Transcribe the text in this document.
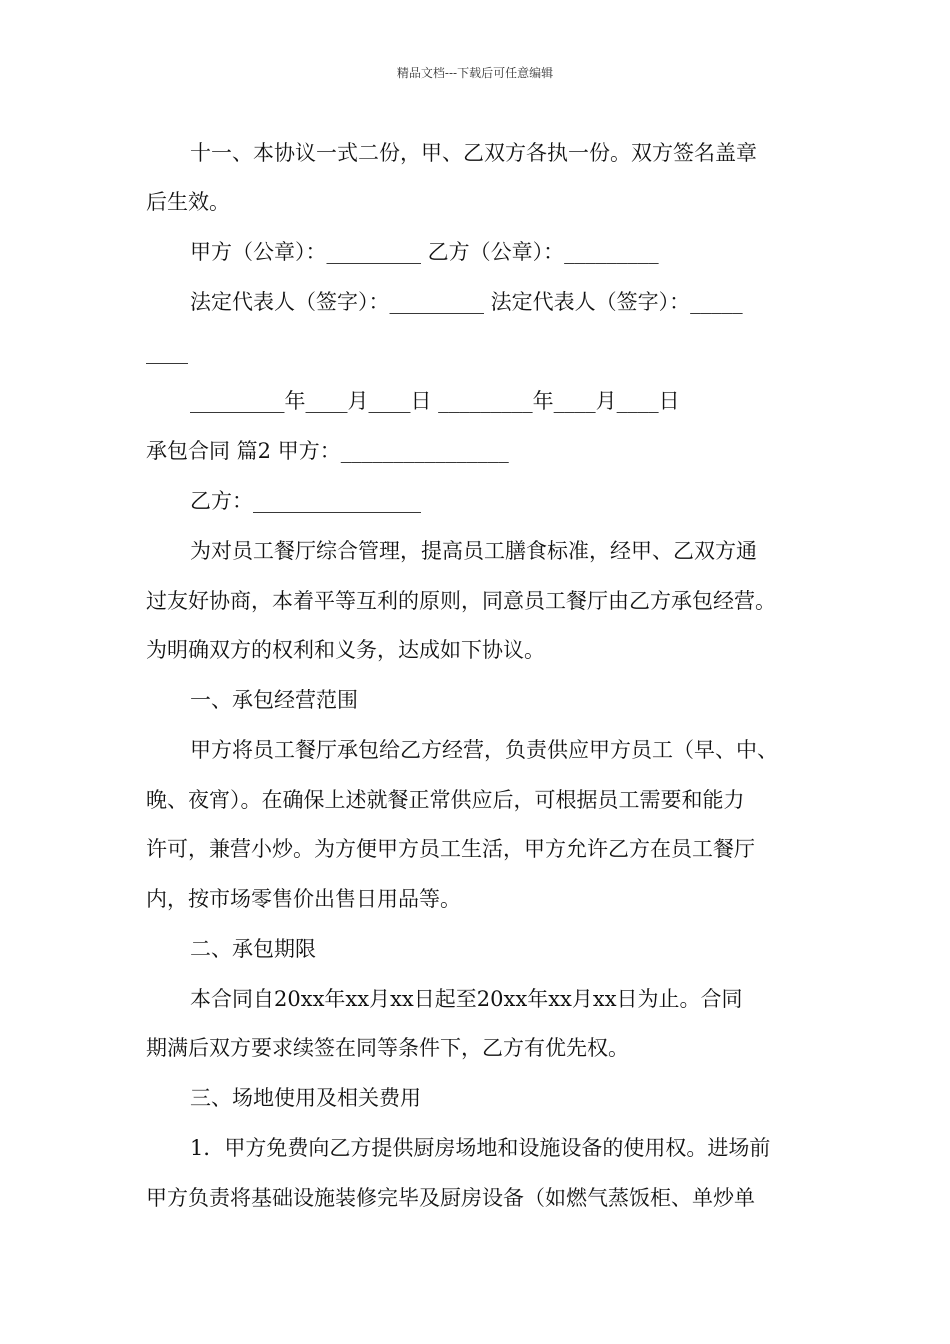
精品文档---下载后可任意编辑
十一、本协议一式二份，甲、乙双方各执一份。双方签名盖章
后生效。
甲方（公章）：_________ 乙方（公章）：_________
法定代表人（签字）：_________ 法定代表人（签字）：_____
____
_________年____月____日 _________年____月____日
承包合同 篇2 甲方：________________
乙方：________________
为对员工餐厅综合管理，提高员工膳食标准，经甲、乙双方通
过友好协商，本着平等互利的原则，同意员工餐厅由乙方承包经营。
为明确双方的权利和义务，达成如下协议。
一、承包经营范围
甲方将员工餐厅承包给乙方经营，负责供应甲方员工（早、中、
晚、夜宵）。在确保上述就餐正常供应后，可根据员工需要和能力
许可，兼营小炒。为方便甲方员工生活，甲方允许乙方在员工餐厅
内，按市场零售价出售日用品等。
二、承包期限
本合同自20xx年xx月xx日起至20xx年xx月xx日为止。合同
期满后双方要求续签在同等条件下，乙方有优先权。
三、场地使用及相关费用
1．甲方免费向乙方提供厨房场地和设施设备的使用权。进场前
甲方负责将基础设施装修完毕及厨房设备（如燃气蒸饭柜、单炒单
